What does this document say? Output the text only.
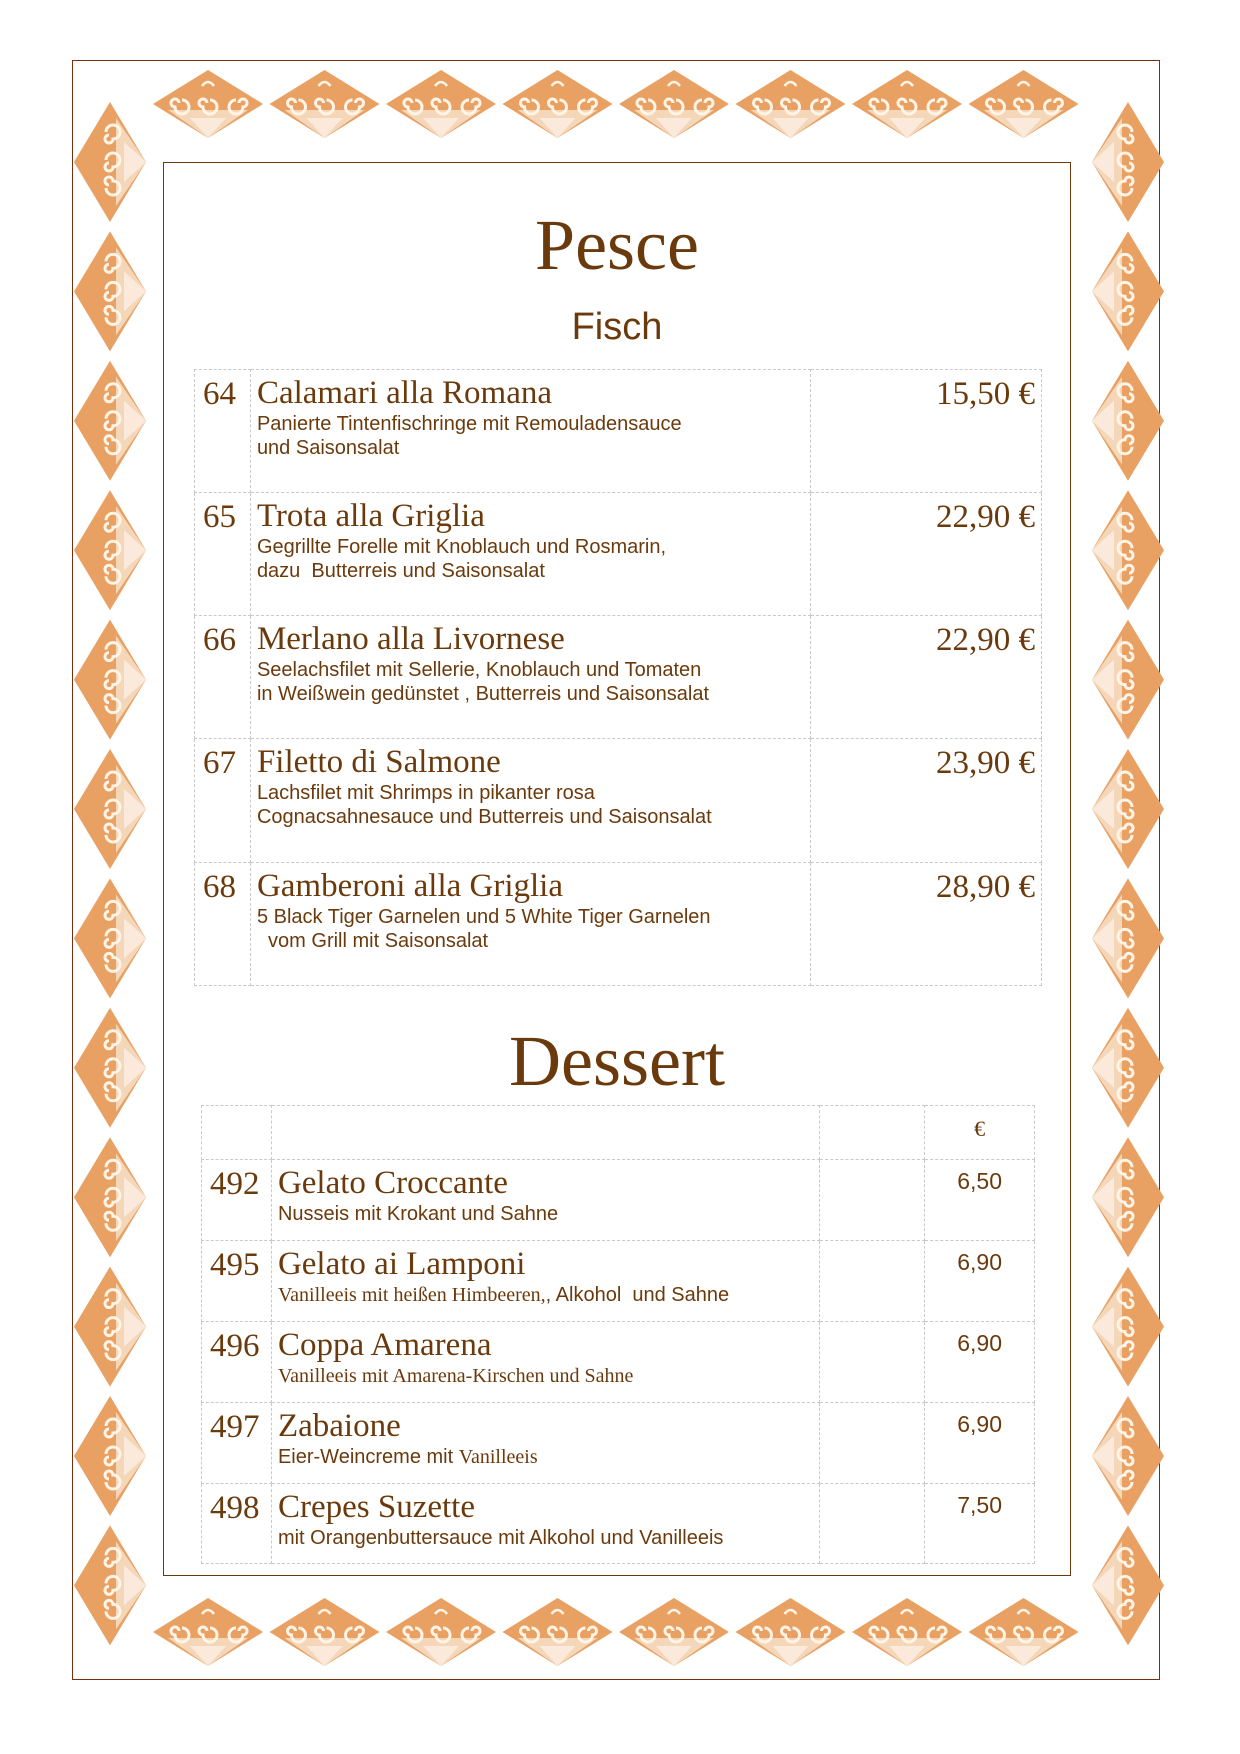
Pesce
Fisch
64	Calamari alla Romana
Panierte Tintenfischringe mit Remouladensauce
und Saisonsalat	15,50 €
65	Trota alla Griglia
Gegrillte Forelle mit Knoblauch und Rosmarin,
dazu  Butterreis und Saisonsalat	22,90 €
66	Merlano alla Livornese
Seelachsfilet mit Sellerie, Knoblauch und Tomaten
in Weißwein gedünstet , Butterreis und Saisonsalat	22,90 €
67	Filetto di Salmone
Lachsfilet mit Shrimps in pikanter rosa
Cognacsahnesauce und Butterreis und Saisonsalat	23,90 €
68	Gamberoni alla Griglia
5 Black Tiger Garnelen und 5 White Tiger Garnelen
vom Grill mit Saisonsalat	28,90 €
Dessert
			€
492	Gelato Croccante
Nusseis mit Krokant und Sahne		6,50
495	Gelato ai Lamponi
Vanilleeis mit heißen Himbeeren,, Alkohol  und Sahne		6,90
496	Coppa Amarena
Vanilleeis mit Amarena-Kirschen und Sahne		6,90
497	Zabaione
Eier-Weincreme mit Vanilleeis		6,90
498	Crepes Suzette
mit Orangenbuttersauce mit Alkohol und Vanilleeis		7,50
